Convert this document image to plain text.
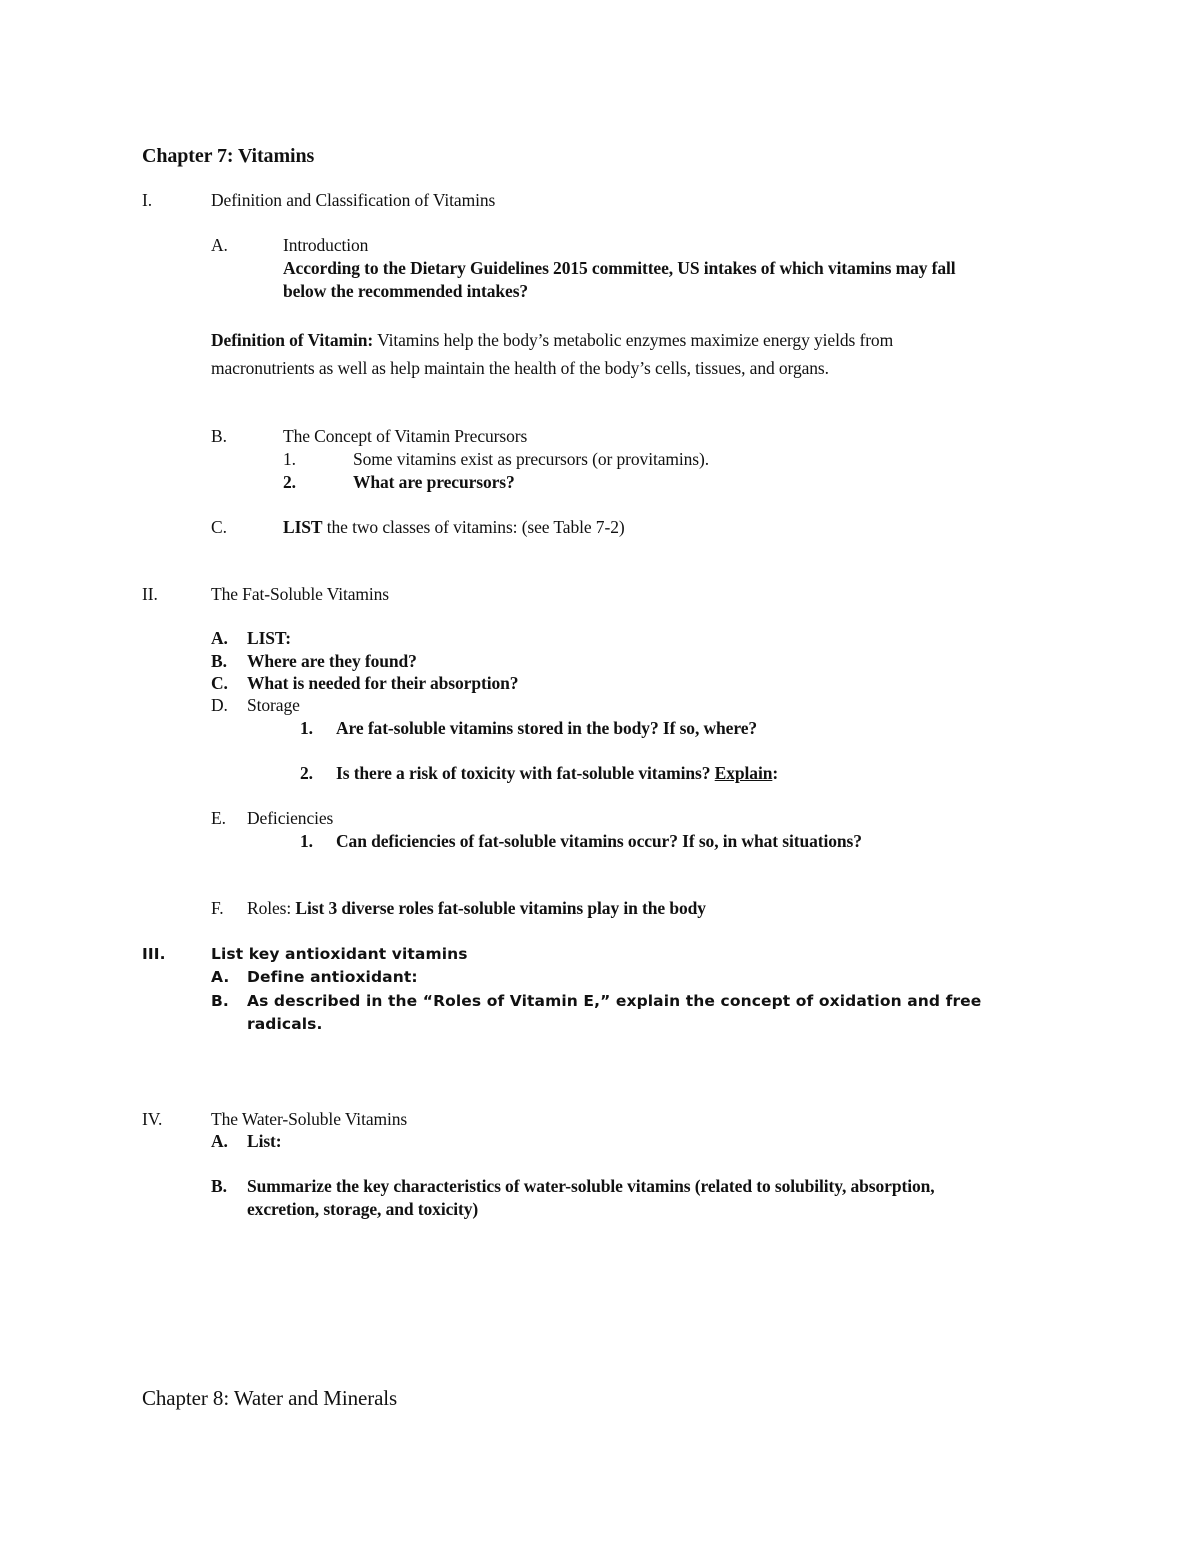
Chapter 7: Vitamins
I.	Definition and Classification of Vitamins
A.	Introduction
According to the Dietary Guidelines 2015 committee, US intakes of which vitamins may fall
below the recommended intakes?
Definition of Vitamin: Vitamins help the body’s metabolic enzymes maximize energy yields from
macronutrients as well as help maintain the health of the body’s cells, tissues, and organs.
B.	The Concept of Vitamin Precursors
1.	Some vitamins exist as precursors (or provitamins).
2.	What are precursors?
C.	LIST the two classes of vitamins: (see Table 7-2)
II.	The Fat-Soluble Vitamins
A. LIST:
B. Where are they found?
C. What is needed for their absorption?
D. Storage
1. Are fat-soluble vitamins stored in the body? If so, where?
2. Is there a risk of toxicity with fat-soluble vitamins? Explain:
E. Deficiencies
1. Can deficiencies of fat-soluble vitamins occur? If so, in what situations?
F. Roles: List 3 diverse roles fat-soluble vitamins play in the body
III.	List key antioxidant vitamins
A. Define antioxidant:
B. As described in the “Roles of Vitamin E,” explain the concept of oxidation and free
radicals.
IV.	The Water-Soluble Vitamins
A. List:
B. Summarize the key characteristics of water-soluble vitamins (related to solubility, absorption,
excretion, storage, and toxicity)
Chapter 8: Water and Minerals
